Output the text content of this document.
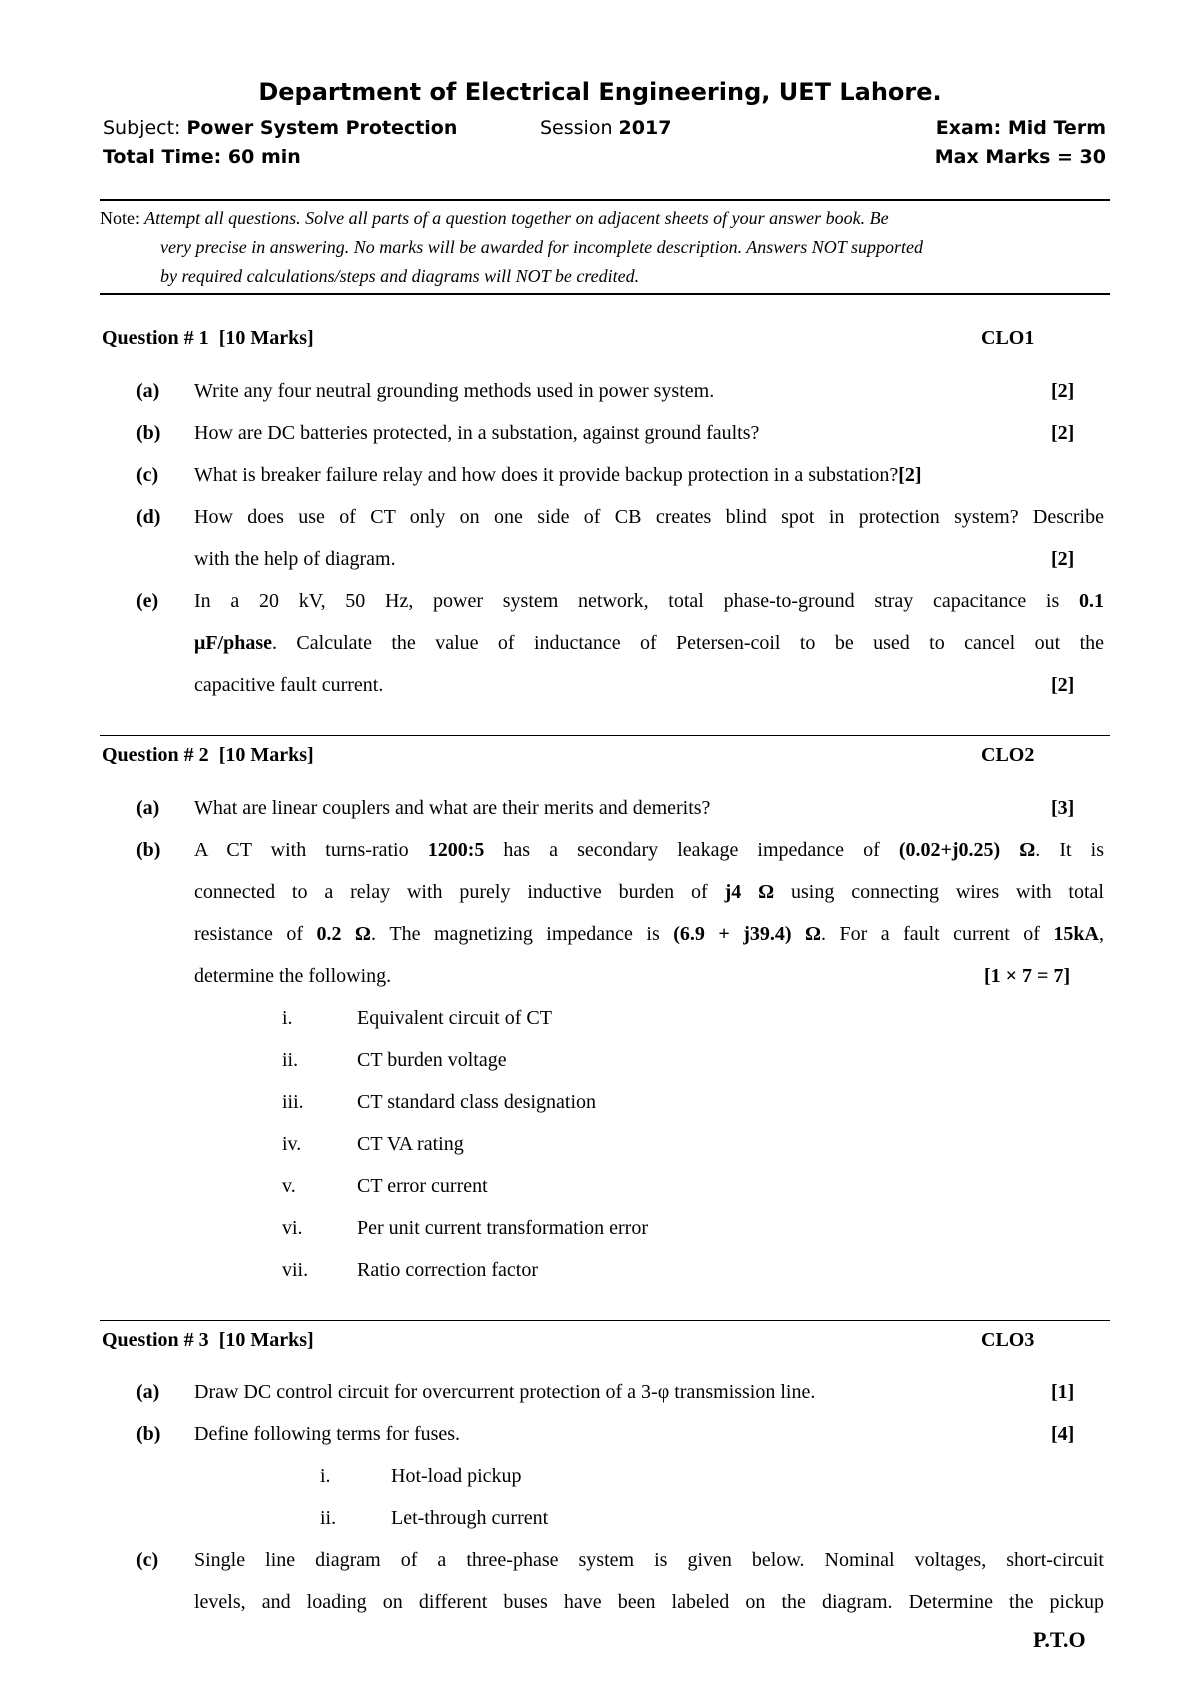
Department of Electrical Engineering, UET Lahore.
Subject: Power System Protection	Session 2017	Exam: Mid Term
Total Time: 60 min	Max Marks = 30
Note: Attempt all questions. Solve all parts of a question together on adjacent sheets of your answer book. Be
very precise in answering. No marks will be awarded for incomplete description. Answers NOT supported
by required calculations/steps and diagrams will NOT be credited.
Question # 1 [10 Marks]	CLO1
(a) Write any four neutral grounding methods used in power system.	[2]
(b) How are DC batteries protected, in a substation, against ground faults?	[2]
(c) What is breaker failure relay and how does it provide backup protection in a substation?[2]
(d) How does use of CT only on one side of CB creates blind spot in protection system? Describe
with the help of diagram.	[2]
(e) In a 20 kV, 50 Hz, power system network, total phase-to-ground stray capacitance is 0.1
μF/phase. Calculate the value of inductance of Petersen-coil to be used to cancel out the
capacitive fault current.	[2]
Question # 2 [10 Marks]	CLO2
(a) What are linear couplers and what are their merits and demerits?	[3]
(b) A CT with turns-ratio 1200:5 has a secondary leakage impedance of (0.02+j0.25) Ω. It is
connected to a relay with purely inductive burden of j4 Ω using connecting wires with total
resistance of 0.2 Ω. The magnetizing impedance is (6.9 + j39.4) Ω. For a fault current of 15kA,
determine the following.	[1 × 7 = 7]
i.	Equivalent circuit of CT
ii.	CT burden voltage
iii.	CT standard class designation
iv.	CT VA rating
v.	CT error current
vi.	Per unit current transformation error
vii. Ratio correction factor
Question # 3 [10 Marks]	CLO3
(a) Draw DC control circuit for overcurrent protection of a 3-φ transmission line.	[1]
(b) Define following terms for fuses.	[4]
i.	Hot-load pickup
ii.	Let-through current
(c) Single line diagram of a three-phase system is given below. Nominal voltages, short-circuit
levels, and loading on different buses have been labeled on the diagram. Determine the pickup
P.T.O
